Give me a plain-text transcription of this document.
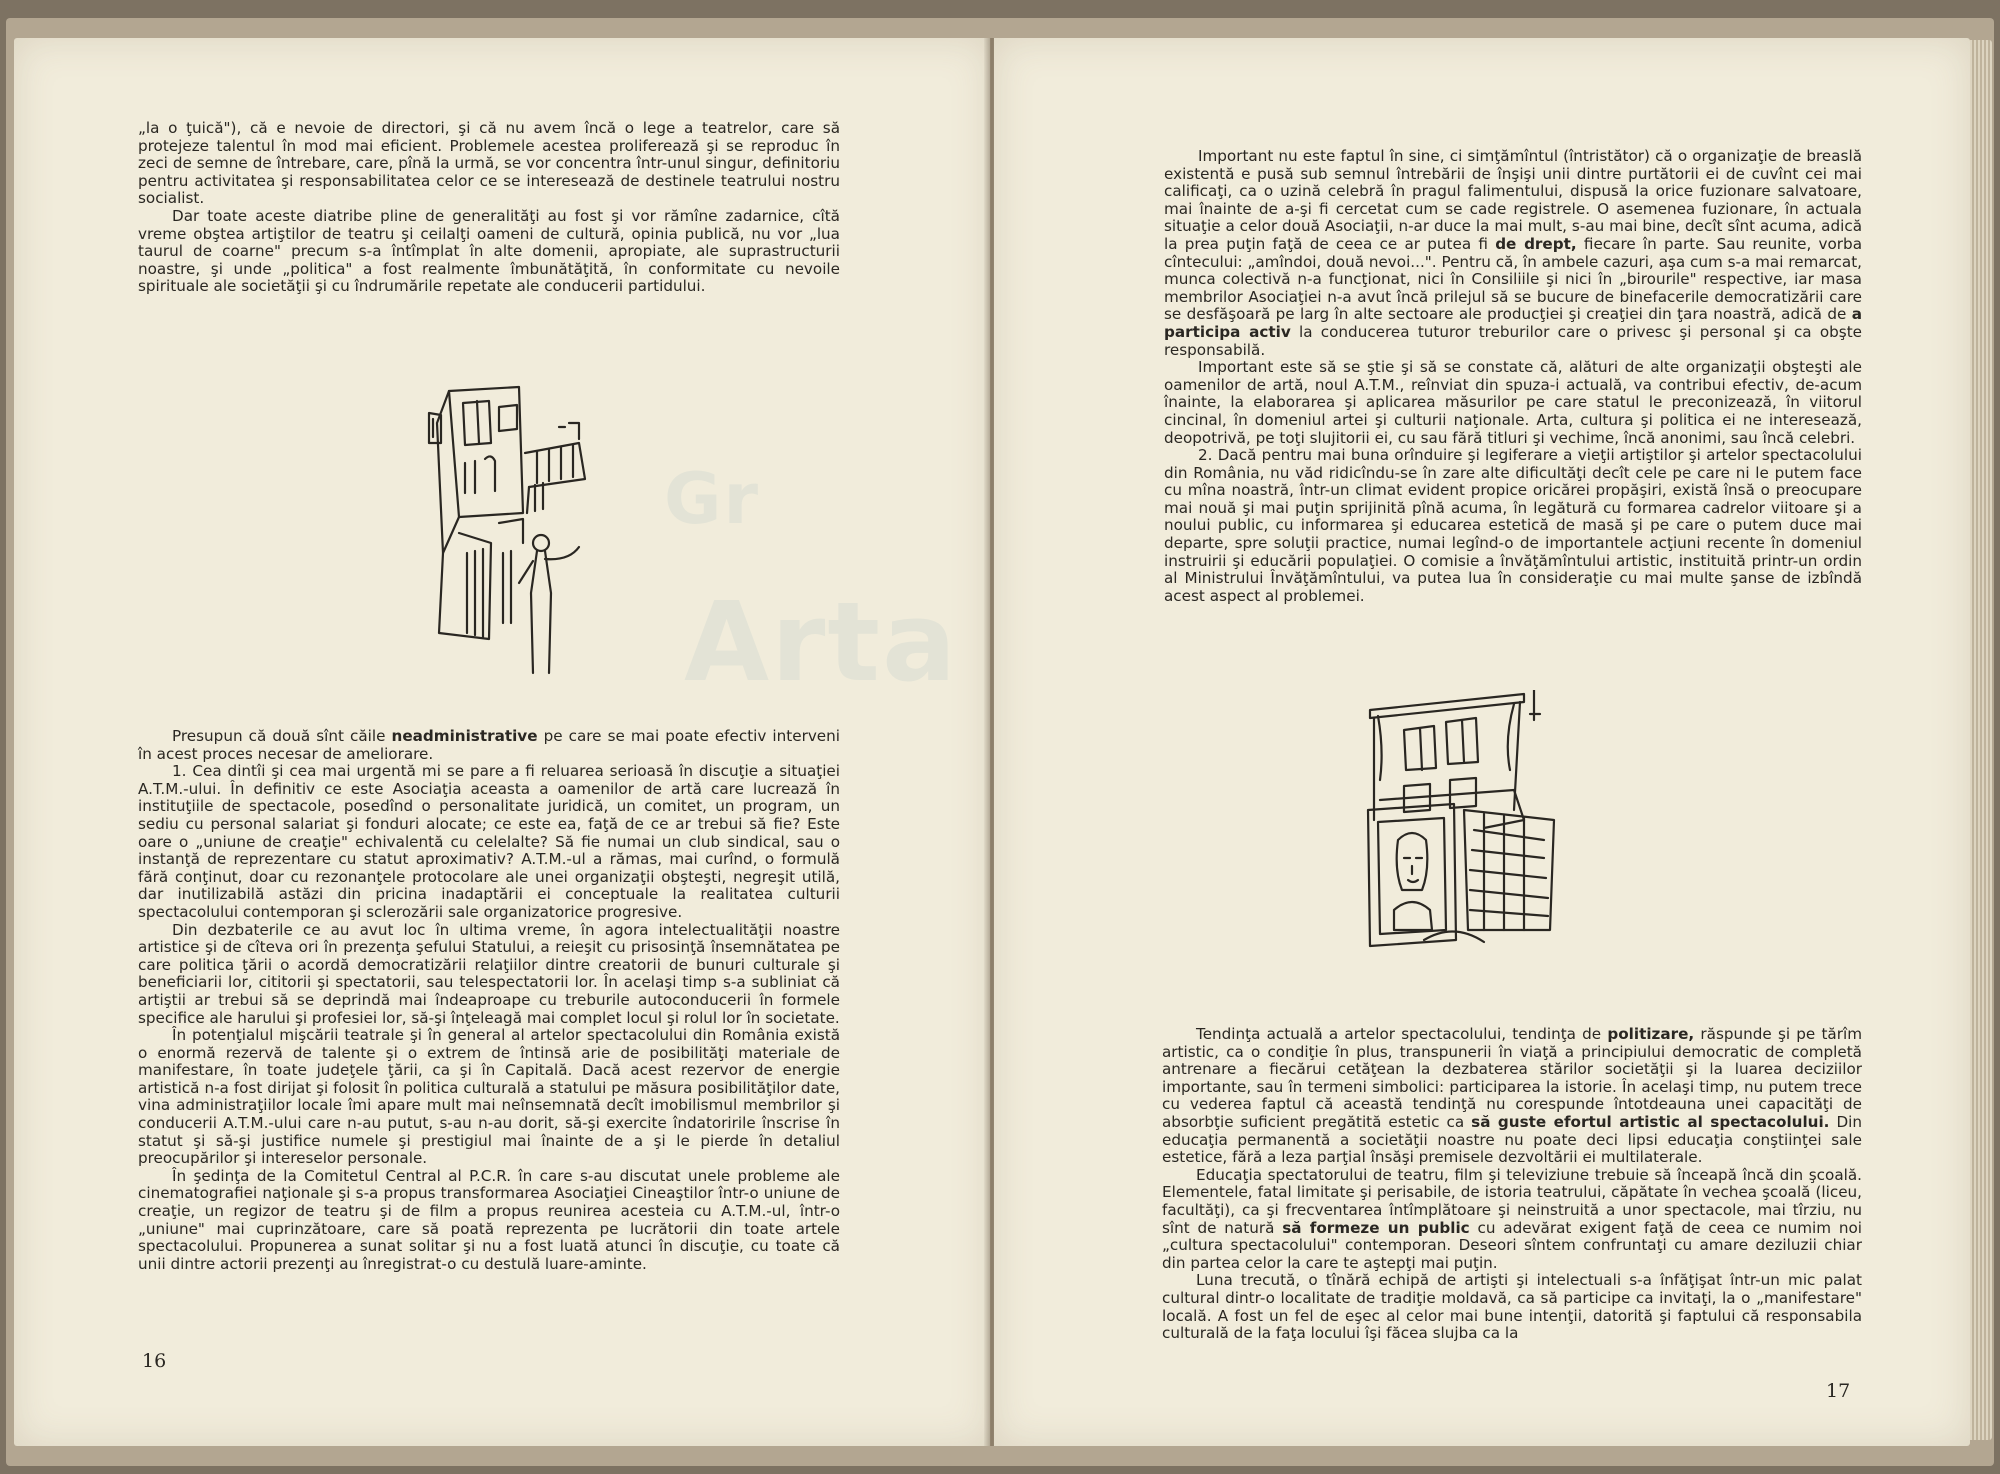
„la o ţuică"), că e nevoie de directori, şi că nu avem încă o lege a teatrelor, care să protejeze talentul în mod mai eficient. Problemele acestea proliferează şi se reproduc în zeci de semne de întrebare, care, pînă la urmă, se vor concentra într-unul singur, definitoriu pentru activitatea şi responsabilitatea celor ce se interesează de destinele teatrului nostru socialist.

Dar toate aceste diatribe pline de generalităţi au fost şi vor rămîne zadarnice, cîtă vreme obştea artiştilor de teatru şi ceilalţi oameni de cultură, opinia publică, nu vor „lua taurul de coarne" precum s-a întîmplat în alte domenii, apropiate, ale suprastructurii noastre, şi unde „politica" a fost realmente îmbunătăţită, în conformitate cu nevoile spirituale ale societăţii şi cu îndrumările repetate ale conducerii partidului.

Presupun că două sînt căile neadministrative pe care se mai poate efectiv interveni în acest proces necesar de ameliorare.

1. Cea dintîi şi cea mai urgentă mi se pare a fi reluarea serioasă în discuţie a situaţiei A.T.M.-ului. În definitiv ce este Asociaţia aceasta a oamenilor de artă care lucrează în instituţiile de spectacole, posedînd o personalitate juridică, un comitet, un program, un sediu cu personal salariat şi fonduri alocate; ce este ea, faţă de ce ar trebui să fie? Este oare o „uniune de creaţie" echivalentă cu celelalte? Să fie numai un club sindical, sau o instanţă de reprezentare cu statut aproximativ? A.T.M.-ul a rămas, mai curînd, o formulă fără conţinut, doar cu rezonanţele protocolare ale unei organizaţii obşteşti, negreşit utilă, dar inutilizabilă astăzi din pricina inadaptării ei conceptuale la realitatea culturii spectacolului contemporan şi sclerozării sale organizatorice progresive.

Din dezbaterile ce au avut loc în ultima vreme, în agora intelectualităţii noastre artistice şi de cîteva ori în prezenţa şefului Statului, a reieşit cu prisosinţă însemnătatea pe care politica ţării o acordă democratizării relaţiilor dintre creatorii de bunuri culturale şi beneficiarii lor, cititorii şi spectatorii, sau telespectatorii lor. În acelaşi timp s-a subliniat că artiştii ar trebui să se deprindă mai îndeaproape cu treburile autoconducerii în formele specifice ale harului şi profesiei lor, să-şi înţeleagă mai complet locul şi rolul lor în societate.

În potenţialul mişcării teatrale şi în general al artelor spectacolului din România există o enormă rezervă de talente şi o extrem de întinsă arie de posibilităţi materiale de manifestare, în toate judeţele ţării, ca şi în Capitală. Dacă acest rezervor de energie artistică n-a fost dirijat şi folosit în politica culturală a statului pe măsura posibilităţilor date, vina administraţiilor locale îmi apare mult mai neînsemnată decît imobilismul membrilor şi conducerii A.T.M.-ului care n-au putut, s-au n-au dorit, să-şi exercite îndatoririle înscrise în statut şi să-şi justifice numele şi prestigiul mai înainte de a şi le pierde în detaliul preocupărilor şi intereselor personale.

În şedinţa de la Comitetul Central al P.C.R. în care s-au discutat unele probleme ale cinematografiei naţionale şi s-a propus transformarea Asociaţiei Cineaştilor într-o uniune de creaţie, un regizor de teatru şi de film a propus reunirea acesteia cu A.T.M.-ul, într-o „uniune" mai cuprinzătoare, care să poată reprezenta pe lucrătorii din toate artele spectacolului. Propunerea a sunat solitar şi nu a fost luată atunci în discuţie, cu toate că unii dintre actorii prezenţi au înregistrat-o cu destulă luare-aminte.

16
Arta
Gr

Important nu este faptul în sine, ci simţămîntul (întristător) că o organizaţie de breaslă existentă e pusă sub semnul întrebării de înşişi unii dintre purtătorii ei de cuvînt cei mai calificaţi, ca o uzină celebră în pragul falimentului, dispusă la orice fuzionare salvatoare, mai înainte de a-şi fi cercetat cum se cade registrele. O asemenea fuzionare, în actuala situaţie a celor două Asociaţii, n-ar duce la mai mult, s-au mai bine, decît sînt acuma, adică la prea puţin faţă de ceea ce ar putea fi de drept, fiecare în parte. Sau reunite, vorba cîntecului: „amîndoi, două nevoi...". Pentru că, în ambele cazuri, aşa cum s-a mai remarcat, munca colectivă n-a funcţionat, nici în Consiliile şi nici în „birourile" respective, iar masa membrilor Asociaţiei n-a avut încă prilejul să se bucure de binefacerile democratizării care se desfăşoară pe larg în alte sectoare ale producţiei şi creaţiei din ţara noastră, adică de a participa activ la conducerea tuturor treburilor care o privesc şi personal şi ca obşte responsabilă.

Important este să se ştie şi să se constate că, alături de alte organizaţii obşteşti ale oamenilor de artă, noul A.T.M., reînviat din spuza-i actuală, va contribui efectiv, de-acum înainte, la elaborarea şi aplicarea măsurilor pe care statul le preconizează, în viitorul cincinal, în domeniul artei şi culturii naţionale. Arta, cultura şi politica ei ne interesează, deopotrivă, pe toţi slujitorii ei, cu sau fără titluri şi vechime, încă anonimi, sau încă celebri.

2. Dacă pentru mai buna orînduire şi legiferare a vieţii artiştilor şi artelor spectacolului din România, nu văd ridicîndu-se în zare alte dificultăţi decît cele pe care ni le putem face cu mîna noastră, într-un climat evident propice oricărei propăşiri, există însă o preocupare mai nouă şi mai puţin sprijinită pînă acuma, în legătură cu formarea cadrelor viitoare şi a noului public, cu informarea şi educarea estetică de masă şi pe care o putem duce mai departe, spre soluţii practice, numai legînd-o de importantele acţiuni recente în domeniul instruirii şi educării populaţiei. O comisie a învăţămîntului artistic, instituită printr-un ordin al Ministrului Învăţămîntului, va putea lua în consideraţie cu mai multe şanse de izbîndă acest aspect al problemei.

Tendinţa actuală a artelor spectacolului, tendinţa de politizare, răspunde şi pe tărîm artistic, ca o condiţie în plus, transpunerii în viaţă a principiului democratic de completă antrenare a fiecărui cetăţean la dezbaterea stărilor societăţii şi la luarea deciziilor importante, sau în termeni simbolici: participarea la istorie. În acelaşi timp, nu putem trece cu vederea faptul că această tendinţă nu corespunde întotdeauna unei capacităţi de absorbţie suficient pregătită estetic ca să guste efortul artistic al spectacolului. Din educaţia permanentă a societăţii noastre nu poate deci lipsi educaţia conştiinţei sale estetice, fără a leza parţial însăşi premisele dezvoltării ei multilaterale.

Educaţia spectatorului de teatru, film şi televiziune trebuie să înceapă încă din şcoală. Elementele, fatal limitate şi perisabile, de istoria teatrului, căpătate în vechea şcoală (liceu, facultăţi), ca şi frecventarea întîmplătoare şi neinstruită a unor spectacole, mai tîrziu, nu sînt de natură să formeze un public cu adevărat exigent faţă de ceea ce numim noi „cultura spectacolului" contemporan. Deseori sîntem confruntaţi cu amare deziluzii chiar din partea celor la care te aştepţi mai puţin.

Luna trecută, o tînără echipă de artişti şi intelectuali s-a înfăţişat într-un mic palat cultural dintr-o localitate de tradiţie moldavă, ca să participe ca invitaţi, la o „manifestare" locală. A fost un fel de eşec al celor mai bune intenţii, datorită şi faptului că responsabila culturală de la faţa locului îşi făcea slujba ca la

17
